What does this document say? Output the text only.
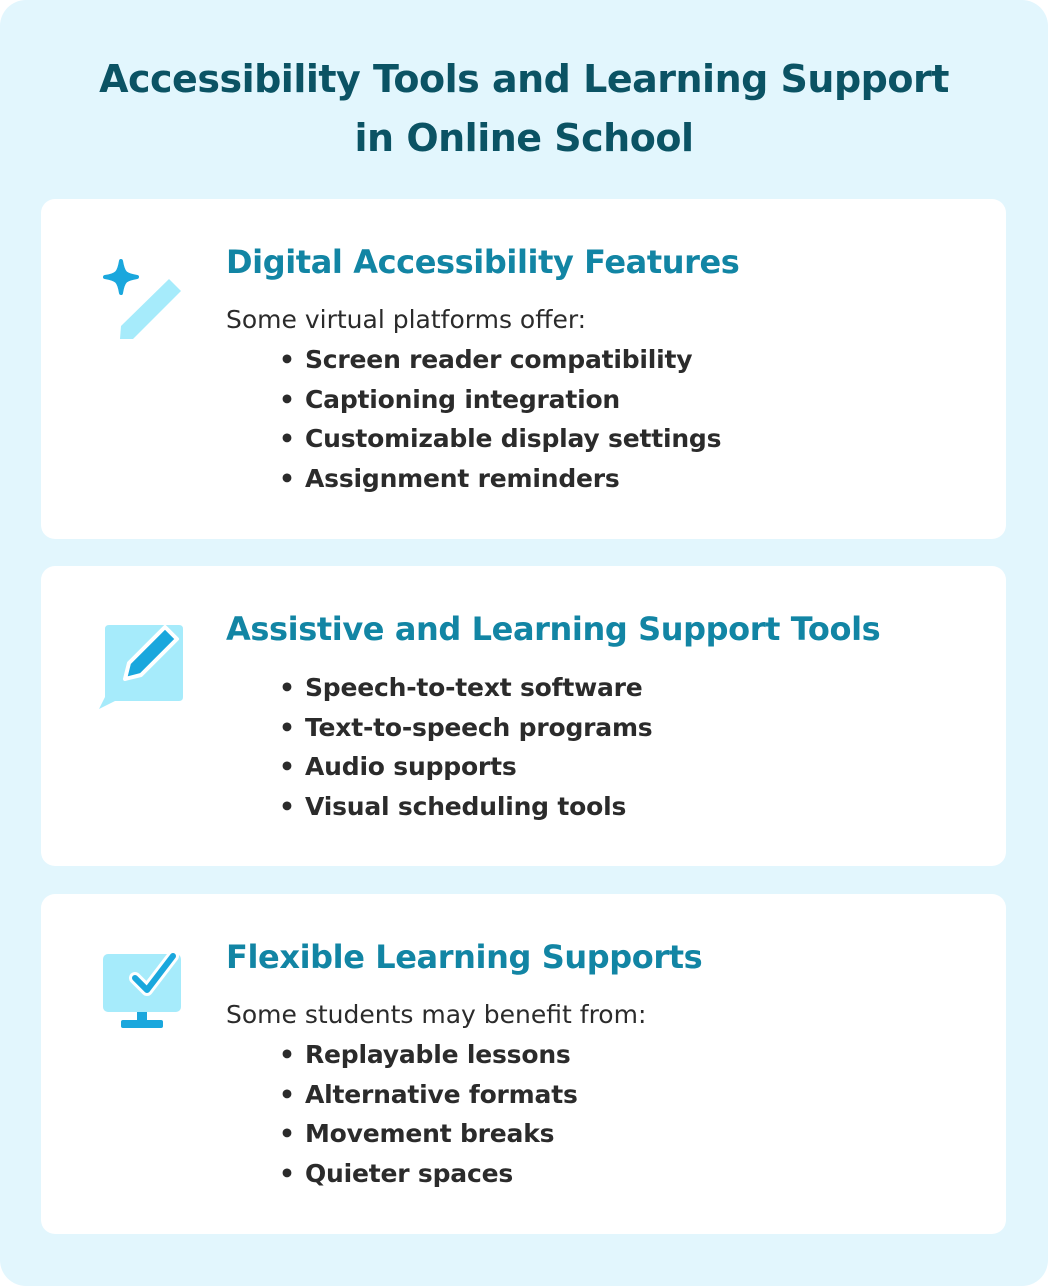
Accessibility Tools and Learning Support
in Online School
Digital Accessibility Features
Some virtual platforms offer:
• Screen reader compatibility
• Captioning integration
• Customizable display settings
• Assignment reminders
Assistive and Learning Support Tools
• Speech-to-text software
• Text-to-speech programs
• Audio supports
• Visual scheduling tools
Flexible Learning Supports
Some students may benefit from:
• Replayable lessons
• Alternative formats
• Movement breaks
• Quieter spaces
